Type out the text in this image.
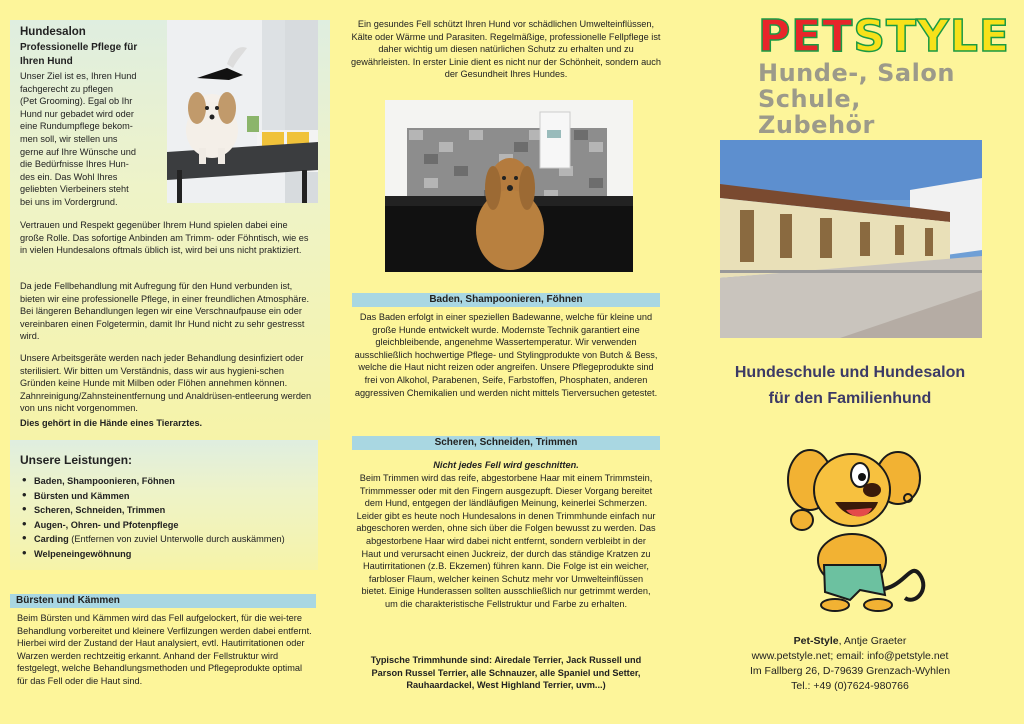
Hundesalon
Professionelle Pflege für Ihren Hund
Unser Ziel ist es, Ihren Hund
fachgerecht zu pflegen
(Pet Grooming). Egal ob Ihr
Hund nur gebadet wird oder
eine Rundumpflege bekom-
men soll, wir stellen uns
gerne auf Ihre Wünsche und
die Bedürfnisse Ihres Hun-
des ein. Das Wohl Ihres
geliebten Vierbeiners steht
bei uns im Vordergrund.
Vertrauen und Respekt gegenüber Ihrem Hund spielen dabei eine große Rolle. Das sofortige Anbinden am Trimm- oder Föhntisch, wie es in vielen Hundesalons oftmals üblich ist, wird bei uns nicht praktiziert.
Da jede Fellbehandlung mit Aufregung für den Hund verbunden ist, bieten wir eine professionelle Pflege, in einer freundlichen Atmosphäre. Bei längeren Behandlungen legen wir eine Verschnaufpause ein oder vereinbaren einen Folgetermin, damit Ihr Hund nicht zu sehr gestresst wird.
Unsere Arbeitsgeräte werden nach jeder Behandlung desinfiziert oder sterilisiert. Wir bitten um Verständnis, dass wir aus hygieni-schen Gründen keine Hunde mit Milben oder Flöhen annehmen können. Zahnreinigung/Zahnsteinentfernung und Analdrüsen-entleerung werden von uns nicht vorgenommen.
Dies gehört in die Hände eines Tierarztes.
Unsere Leistungen:
• Baden, Shampoonieren, Föhnen
• Bürsten und Kämmen
• Scheren, Schneiden, Trimmen
• Augen-, Ohren- und Pfotenpflege
• Carding (Entfernen von zuviel Unterwolle durch auskämmen)
• Welpeneingewöhnung
Bürsten und Kämmen
Beim Bürsten und Kämmen wird das Fell aufgelockert, für die wei-tere Behandlung vorbereitet und kleinere Verfilzungen werden dabei entfernt. Hierbei wird der Zustand der Haut analysiert, evtl. Hautirritationen oder Warzen werden rechtzeitig erkannt. Anhand der Fellstruktur wird festgelegt, welche Behandlungsmethoden und Pflegeprodukte optimal für das Fell oder die Haut sind.
Ein gesundes Fell schützt Ihren Hund vor schädlichen Umwelteinflüssen, Kälte oder Wärme und Parasiten. Regelmäßige, professionelle Fellpflege ist daher wichtig um diesen natürlichen Schutz zu erhalten und zu gewährleisten. In erster Linie dient es nicht nur der Schönheit, sondern auch der Gesundheit Ihres Hundes.
Baden, Shampoonieren, Föhnen
Das Baden erfolgt in einer speziellen Badewanne, welche für kleine und große Hunde entwickelt wurde. Modernste Technik garantiert eine gleichbleibende, angenehme Wassertemperatur. Wir verwenden ausschließlich hochwertige Pflege- und Stylingprodukte von Butch & Bess, welche die Haut nicht reizen oder angreifen. Unsere Pflegeprodukte sind frei von Alkohol, Parabenen, Seife, Farbstoffen, Phosphaten, anderen aggressiven Chemikalien und werden nicht mittels Tierversuchen getestet.
Scheren, Schneiden, Trimmen
Nicht jedes Fell wird geschnitten.
Beim Trimmen wird das reife, abgestorbene Haar mit einem Trimmstein, Trimmmesser oder mit den Fingern ausgezupft. Dieser Vorgang bereitet dem Hund, entgegen der ländläufigen Meinung, keinerlei Schmerzen. Leider gibt es heute noch Hundesalons in denen Trimmhunde einfach nur abgeschoren werden, ohne sich über die Folgen bewusst zu werden. Das abgestorbene Haar wird dabei nicht entfernt, sondern verbleibt in der Haut und verursacht einen Juckreiz, der durch das ständige Kratzen zu Hautirritationen (z.B. Ekzemen) führen kann. Die Folge ist ein weicher, farbloser Flaum, welcher keinen Schutz mehr vor Umwelteinflüssen bietet. Einige Hunderassen sollten ausschließlich nur getrimmt werden, um die charakteristische Fellstruktur und Farbe zu erhalten.
Typische Trimmhunde sind: Airedale Terrier, Jack Russell und Parson Russel Terrier, alle Schnauzer, alle Spaniel und Setter, Rauhaardackel, West Highland Terrier, uvm...)
PETSTYLE
Hunde-, Salon
Schule, Zubehör
Hundeschule und Hundesalon
für den Familienhund
Pet-Style, Antje Graeter
www.petstyle.net; email: info@petstyle.net
Im Fallberg 26, D-79639 Grenzach-Wyhlen
Tel.: +49 (0)7624-980766
